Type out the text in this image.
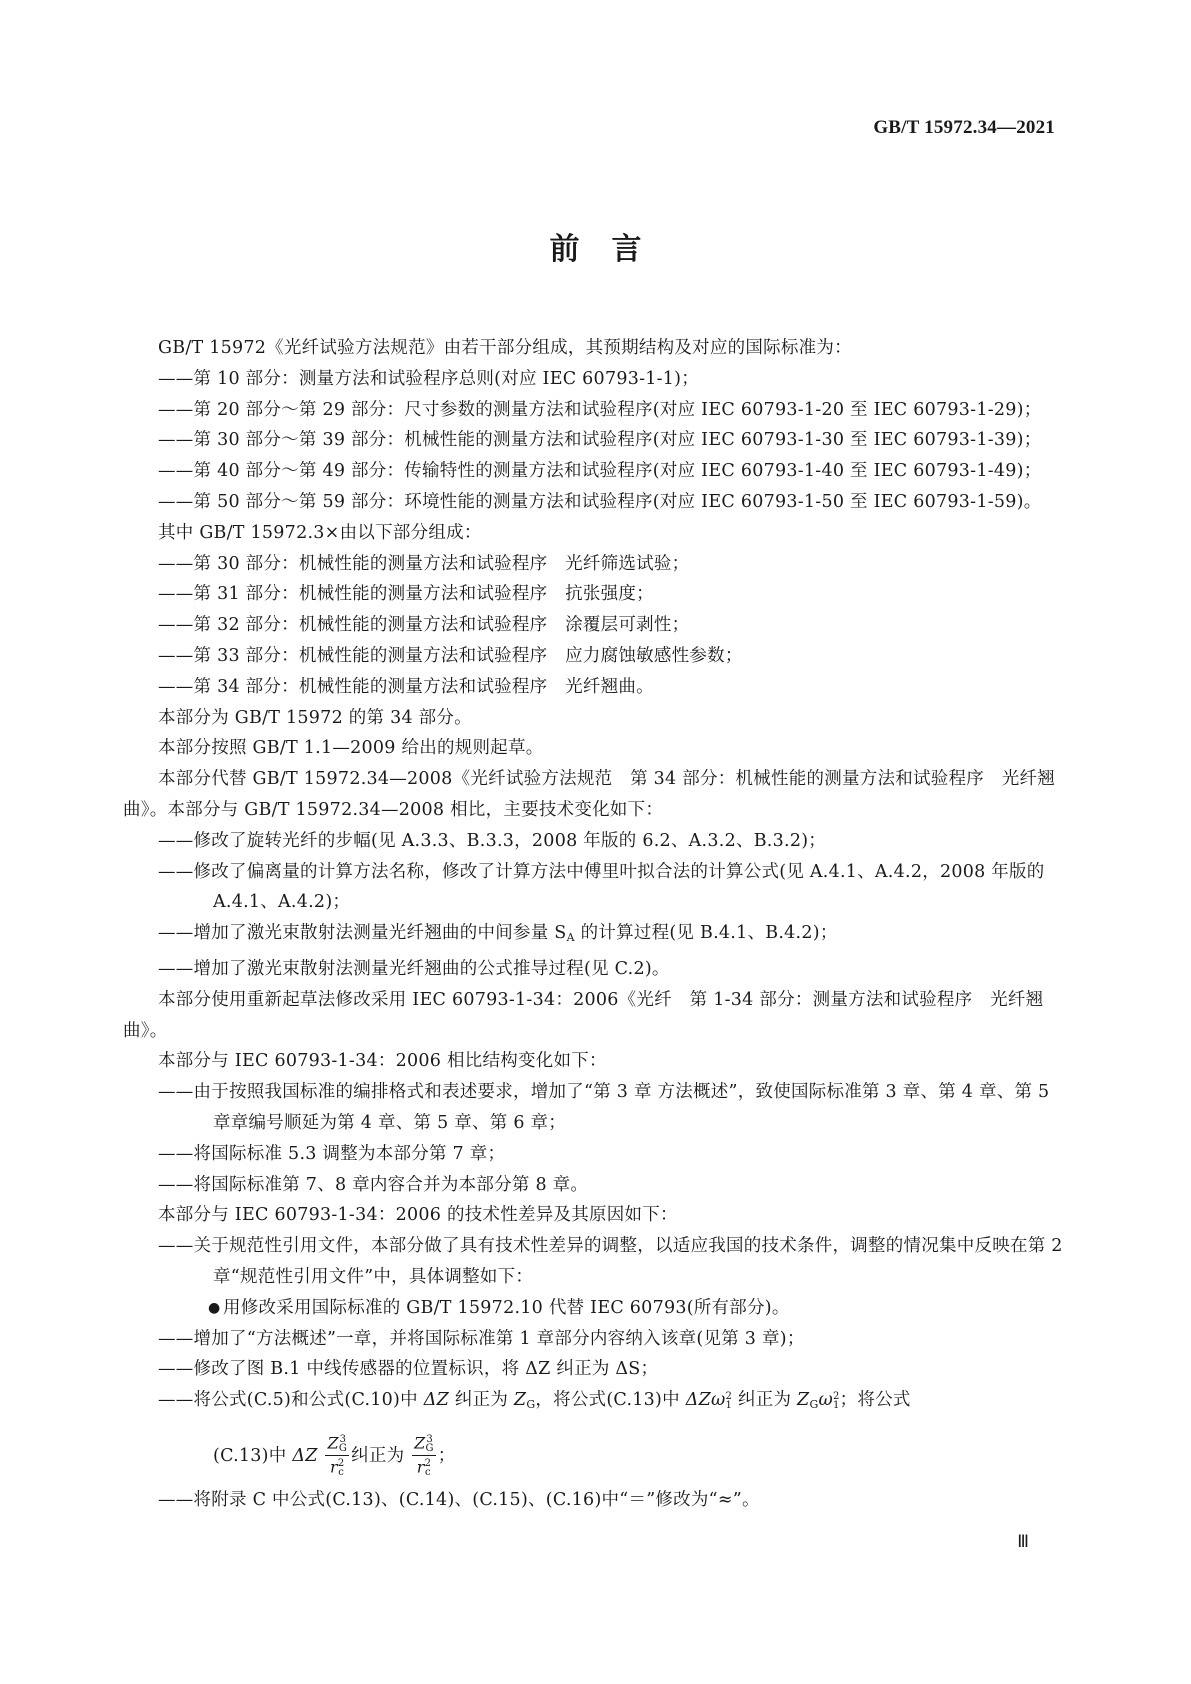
GB/T 15972.34—2021
前言

GB/T 15972《光纤试验方法规范》由若干部分组成，其预期结构及对应的国际标准为：

——第 10 部分：测量方法和试验程序总则(对应 IEC 60793-1-1)；

——第 20 部分～第 29 部分：尺寸参数的测量方法和试验程序(对应 IEC 60793-1-20 至 IEC 60793-1-29)；

——第 30 部分～第 39 部分：机械性能的测量方法和试验程序(对应 IEC 60793-1-30 至 IEC 60793-1-39)；

——第 40 部分～第 49 部分：传输特性的测量方法和试验程序(对应 IEC 60793-1-40 至 IEC 60793-1-49)；

——第 50 部分～第 59 部分：环境性能的测量方法和试验程序(对应 IEC 60793-1-50 至 IEC 60793-1-59)。

其中 GB/T 15972.3×由以下部分组成：

——第 30 部分：机械性能的测量方法和试验程序　光纤筛选试验；

——第 31 部分：机械性能的测量方法和试验程序　抗张强度；

——第 32 部分：机械性能的测量方法和试验程序　涂覆层可剥性；

——第 33 部分：机械性能的测量方法和试验程序　应力腐蚀敏感性参数；

——第 34 部分：机械性能的测量方法和试验程序　光纤翘曲。

本部分为 GB/T 15972 的第 34 部分。

本部分按照 GB/T 1.1—2009 给出的规则起草。

本部分代替 GB/T 15972.34—2008《光纤试验方法规范　第 34 部分：机械性能的测量方法和试验程序　光纤翘曲》。本部分与 GB/T 15972.34—2008 相比，主要技术变化如下：

——修改了旋转光纤的步幅(见 A.3.3、B.3.3，2008 年版的 6.2、A.3.2、B.3.2)；

——修改了偏离量的计算方法名称，修改了计算方法中傅里叶拟合法的计算公式(见 A.4.1、A.4.2，2008 年版的 A.4.1、A.4.2)；

——增加了激光束散射法测量光纤翘曲的中间参量 $S_A$ 的计算过程(见 B.4.1、B.4.2)；

——增加了激光束散射法测量光纤翘曲的公式推导过程(见 C.2)。

本部分使用重新起草法修改采用 IEC 60793-1-34：2006《光纤　第 1-34 部分：测量方法和试验程序　光纤翘曲》。

本部分与 IEC 60793-1-34：2006 相比结构变化如下：

——由于按照我国标准的编排格式和表述要求，增加了“第 3 章 方法概述”，致使国际标准第 3 章、第 4 章、第 5 章章编号顺延为第 4 章、第 5 章、第 6 章；

——将国际标准 5.3 调整为本部分第 7 章；

——将国际标准第 7、8 章内容合并为本部分第 8 章。

本部分与 IEC 60793-1-34：2006 的技术性差异及其原因如下：

——关于规范性引用文件，本部分做了具有技术性差异的调整，以适应我国的技术条件，调整的情况集中反映在第 2 章“规范性引用文件”中，具体调整如下：

● 用修改采用国际标准的 GB/T 15972.10 代替 IEC 60793(所有部分)。

——增加了“方法概述”一章，并将国际标准第 1 章部分内容纳入该章(见第 3 章)；

——修改了图 B.1 中线传感器的位置标识，将 ΔZ 纠正为 ΔS；

——将公式(C.5)和公式(C.10)中 ΔZ 纠正为 $Z_G$，将公式(C.13)中 ΔZω 2
1 纠正为 $Z_G\omega$ 2
1 ；将公式

(C.13)中 ΔZ Z 3
G
r 2
c 纠正为 Z 3
G
r 2
c ；

——将附录 C 中公式(C.13)、(C.14)、(C.15)、(C.16)中“＝”修改为“≈”。

Ⅲ
